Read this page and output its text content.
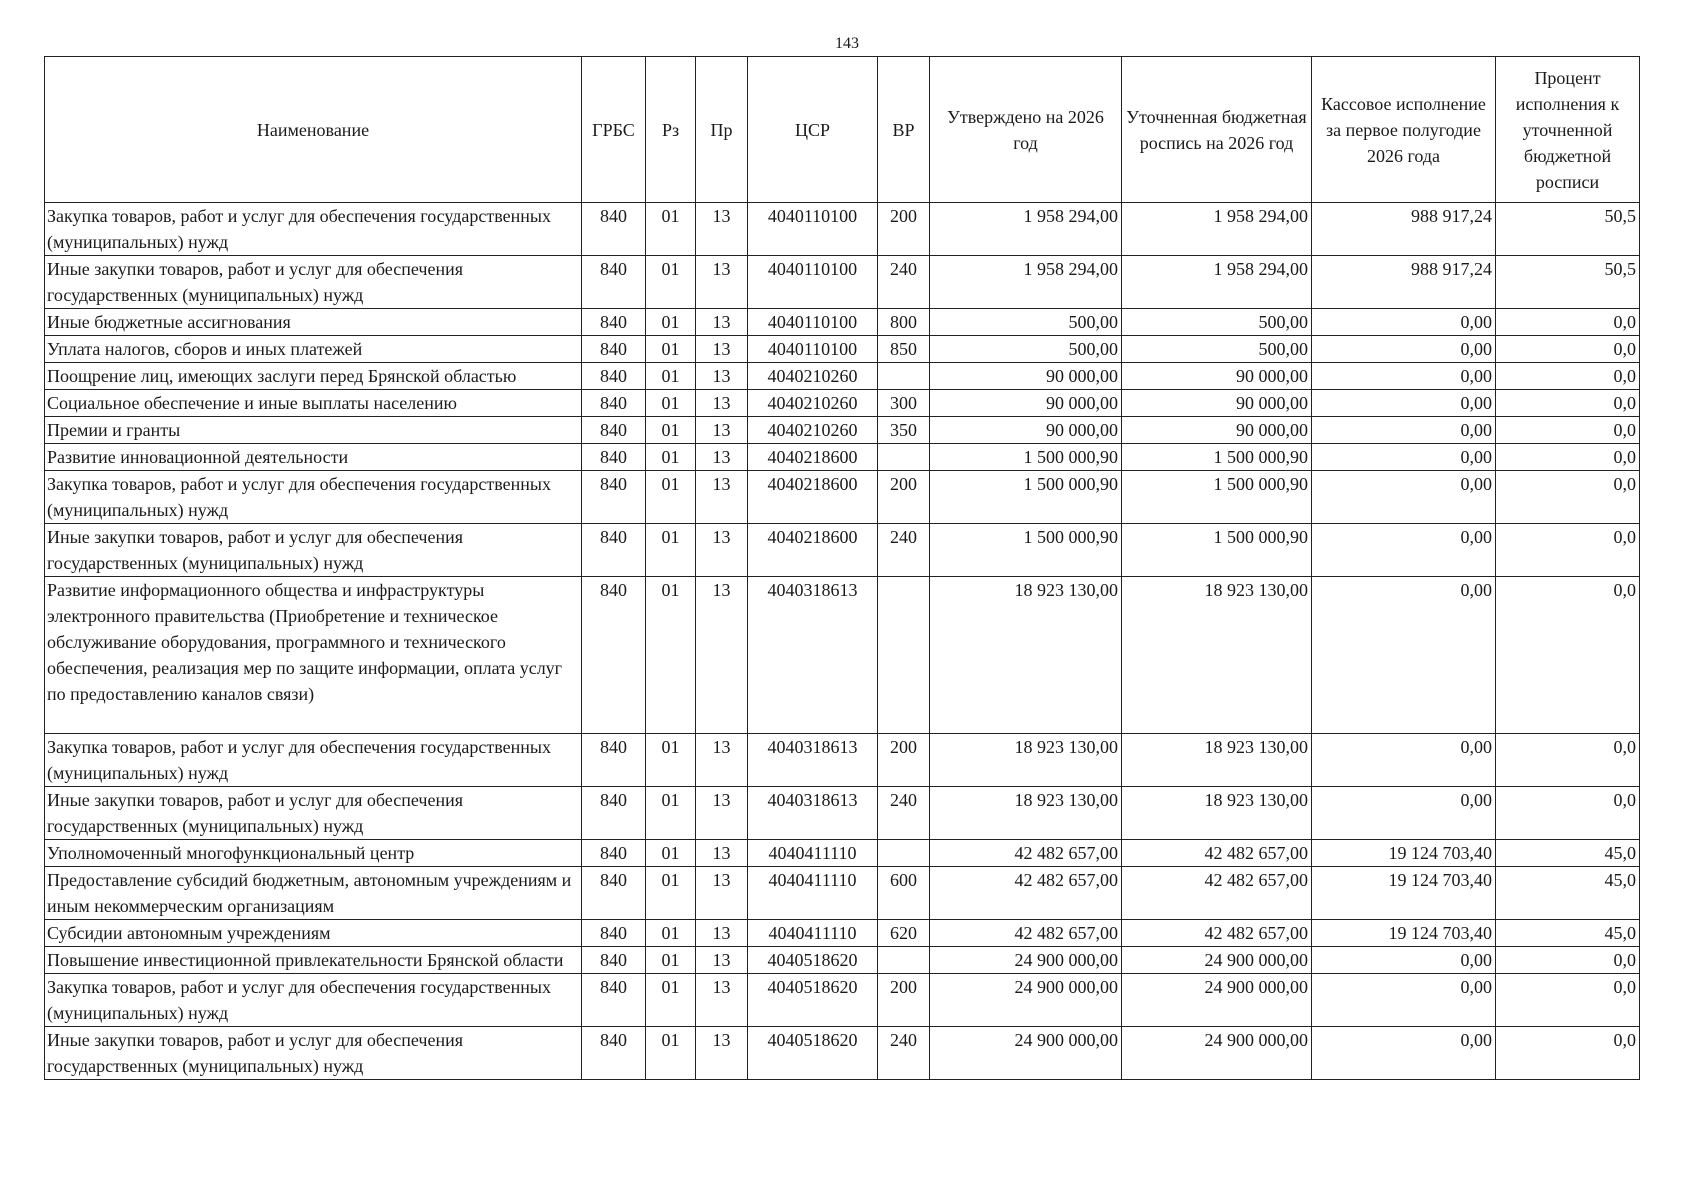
143
Наименование	ГРБС	Рз	Пр	ЦСР	ВР	Утверждено на 2026 год	Уточненная бюджетная роспись на 2026 год	Кассовое исполнение за первое полугодие 2026 года	Процент исполнения к уточненной бюджетной росписи
Закупка товаров, работ и услуг для обеспечения государственных (муниципальных) нужд	840	01	13	4040110100	200	1 958 294,00	1 958 294,00	988 917,24	50,5
Иные закупки товаров, работ и услуг для обеспечения государственных (муниципальных) нужд	840	01	13	4040110100	240	1 958 294,00	1 958 294,00	988 917,24	50,5
Иные бюджетные ассигнования	840	01	13	4040110100	800	500,00	500,00	0,00	0,0
Уплата налогов, сборов и иных платежей	840	01	13	4040110100	850	500,00	500,00	0,00	0,0
Поощрение лиц, имеющих заслуги перед Брянской областью	840	01	13	4040210260		90 000,00	90 000,00	0,00	0,0
Социальное обеспечение и иные выплаты населению	840	01	13	4040210260	300	90 000,00	90 000,00	0,00	0,0
Премии и гранты	840	01	13	4040210260	350	90 000,00	90 000,00	0,00	0,0
Развитие инновационной деятельности	840	01	13	4040218600		1 500 000,90	1 500 000,90	0,00	0,0
Закупка товаров, работ и услуг для обеспечения государственных (муниципальных) нужд	840	01	13	4040218600	200	1 500 000,90	1 500 000,90	0,00	0,0
Иные закупки товаров, работ и услуг для обеспечения государственных (муниципальных) нужд	840	01	13	4040218600	240	1 500 000,90	1 500 000,90	0,00	0,0
Развитие информационного общества и инфраструктуры электронного правительства (Приобретение и техническое обслуживание оборудования, программного и технического обеспечения, реализация мер по защите информации, оплата услуг по предоставлению каналов связи)	840	01	13	4040318613		18 923 130,00	18 923 130,00	0,00	0,0
Закупка товаров, работ и услуг для обеспечения государственных (муниципальных) нужд	840	01	13	4040318613	200	18 923 130,00	18 923 130,00	0,00	0,0
Иные закупки товаров, работ и услуг для обеспечения государственных (муниципальных) нужд	840	01	13	4040318613	240	18 923 130,00	18 923 130,00	0,00	0,0
Уполномоченный многофункциональный центр	840	01	13	4040411110		42 482 657,00	42 482 657,00	19 124 703,40	45,0
Предоставление субсидий бюджетным, автономным учреждениям и иным некоммерческим организациям	840	01	13	4040411110	600	42 482 657,00	42 482 657,00	19 124 703,40	45,0
Субсидии автономным учреждениям	840	01	13	4040411110	620	42 482 657,00	42 482 657,00	19 124 703,40	45,0
Повышение инвестиционной привлекательности Брянской области	840	01	13	4040518620		24 900 000,00	24 900 000,00	0,00	0,0
Закупка товаров, работ и услуг для обеспечения государственных (муниципальных) нужд	840	01	13	4040518620	200	24 900 000,00	24 900 000,00	0,00	0,0
Иные закупки товаров, работ и услуг для обеспечения государственных (муниципальных) нужд	840	01	13	4040518620	240	24 900 000,00	24 900 000,00	0,00	0,0
